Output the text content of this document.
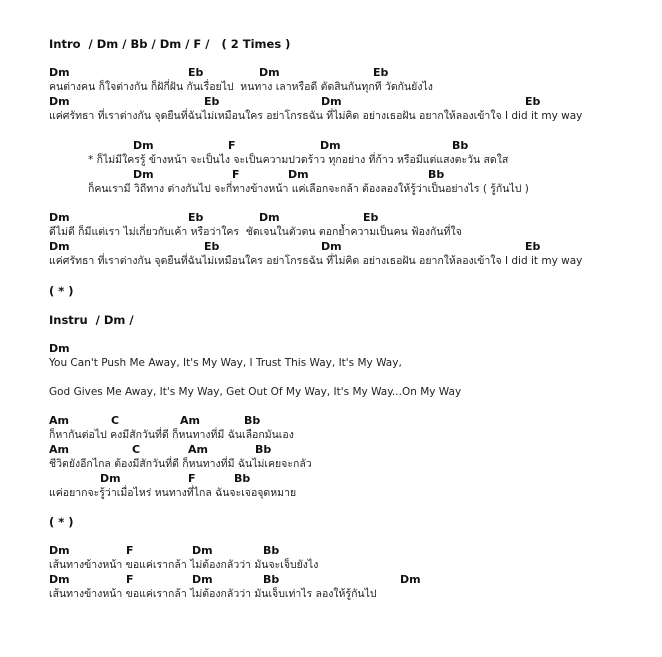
Intro  / Dm / Bb / Dm / F /   ( 2 Times )
Dm	Eb	Dm	Eb
คนต่างคน ก็ใจต่างกัน ก็ฝักี่ฝัน กันเรื่อยไป  หนทาง เลาหรือดี ตัดสินกันทุกที วัดกันยังไง
Dm	Eb	Dm	Eb
แค่ศรัทธา ที่เราต่างกัน จุดยืนที่ฉันไม่เหมือนใคร อย่าโกรธฉัน ที่ไม่คิด อย่างเธอฝัน อยากให้ลองเข้าใจ I did it my way
Dm	F	Dm	Bb
* ก็ไม่มีใครรู้ ข้างหน้า จะเป็นไง จะเป็นความปวดร้าว ทุกอย่าง ที่ก้าว หรือมีแต่แสงตะวัน สดใส
Dm	F	Dm	Bb
ก็คนเรามี วิถีทาง ต่างกันไป จะกี่ทางข้างหน้า แค่เลือกจะกล้า ต้องลองให้รู้ว่าเป็นอย่างไร ( รู้กันไป )
Dm	Eb	Dm	Eb
ดีไม่ดี ก็มีแต่เรา ไม่เกี่ยวกับเค้า หรือว่าใคร  ชัดเจนในตัวตน ตอกย้ำความเป็นคน ฟ้องกันที่ใจ
Dm	Eb	Dm	Eb
แค่ศรัทธา ที่เราต่างกัน จุดยืนที่ฉันไม่เหมือนใคร อย่าโกรธฉัน ที่ไม่คิด อย่างเธอฝัน อยากให้ลองเข้าใจ I did it my way
( * )
Instru  / Dm /
Dm
You Can't Push Me Away, It's My Way, I Trust This Way, It's My Way,
God Gives Me Away, It's My Way, Get Out Of My Way, It's My Way...On My Way
Am	C	Am	Bb
ก็หากันต่อไป คงมีสักวันที่ดี ก็หนทางที่มี ฉันเลือกมันเอง
Am	C	Am	Bb
ชีวิตยังอีกไกล ต้องมีสักวันที่ดี ก็หนทางที่มี ฉันไม่เคยจะกลัว
Dm	F	Bb
แค่อยากจะรู้ว่าเมื่อไหร่ หนทางที่ไกล ฉันจะเจอจุดหมาย
( * )
Dm	F	Dm	Bb
เส้นทางข้างหน้า ขอแค่เรากล้า ไม่ต้องกลัวว่า มันจะเจ็บยังไง
Dm	F	Dm	Bb	Dm
เส้นทางข้างหน้า ขอแค่เรากล้า ไม่ต้องกลัวว่า มันเจ็บเท่าไร ลองให้รู้กันไป
